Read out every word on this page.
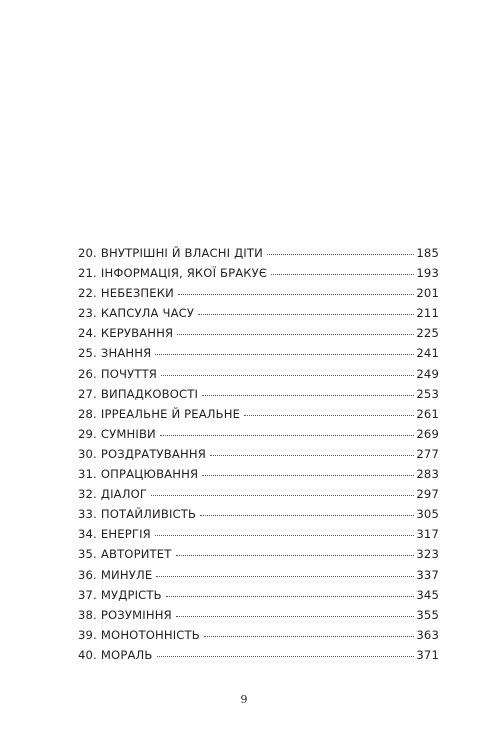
20. ВНУТРІШНІ Й ВЛАСНІ ДІТИ	185
21. ІНФОРМАЦІЯ, ЯКОЇ БРАКУЄ	193
22. НЕБЕЗПЕКИ	201
23. КАПСУЛА ЧАСУ	211
24. КЕРУВАННЯ	225
25. ЗНАННЯ	241
26. ПОЧУТТЯ	249
27. ВИПАДКОВОСТІ	253
28. ІРРЕАЛЬНЕ Й РЕАЛЬНЕ	261
29. СУМНІВИ	269
30. РОЗДРАТУВАННЯ	277
31. ОПРАЦЮВАННЯ	283
32. ДІАЛОГ	297
33. ПОТАЙЛИВІСТЬ	305
34. ЕНЕРГІЯ	317
35. АВТОРИТЕТ	323
36. МИНУЛЕ	337
37. МУДРІСТЬ	345
38. РОЗУМІННЯ	355
39. МОНОТОННІСТЬ	363
40. МОРАЛЬ	371
9
